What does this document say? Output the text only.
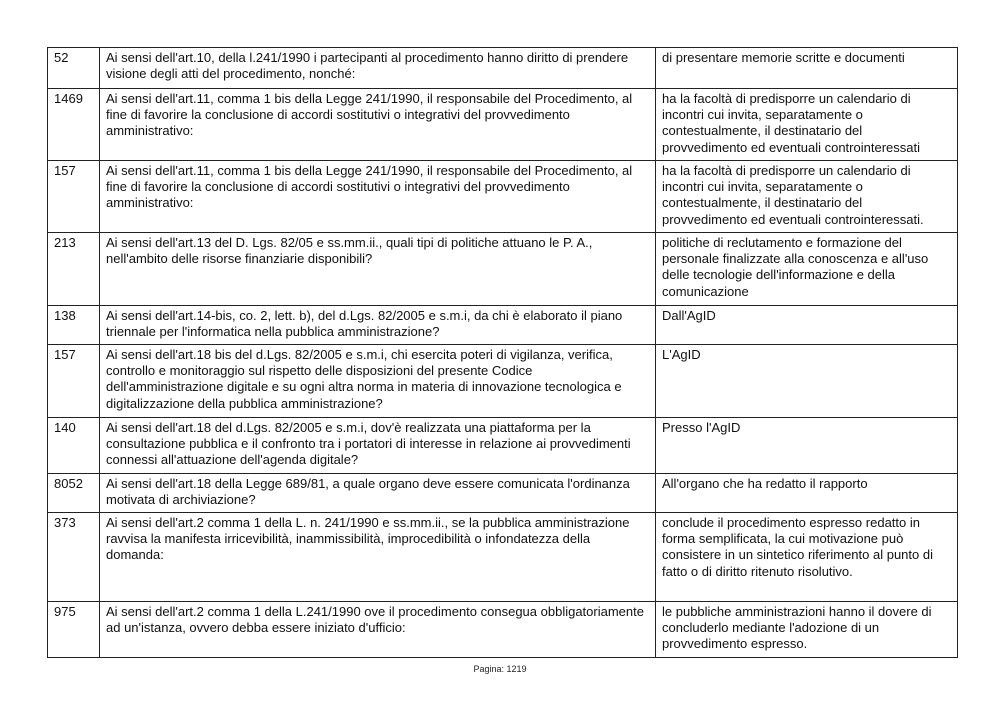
52	Ai sensi dell'art.10, della l.241/1990 i partecipanti al procedimento hanno diritto di prendere visione degli atti del procedimento, nonché:	di presentare memorie scritte e documenti
1469	Ai sensi dell'art.11, comma 1 bis della Legge 241/1990, il responsabile del Procedimento, al fine di favorire la conclusione di accordi sostitutivi o integrativi del provvedimento amministrativo:	ha la facoltà di predisporre un calendario di incontri cui invita, separatamente o contestualmente, il destinatario del provvedimento ed eventuali controinteressati
157	Ai sensi dell'art.11, comma 1 bis della Legge 241/1990, il responsabile del Procedimento, al fine di favorire la conclusione di accordi sostitutivi o integrativi del provvedimento amministrativo:	ha la facoltà di predisporre un calendario di incontri cui invita, separatamente o contestualmente, il destinatario del provvedimento ed eventuali controinteressati.
213	Ai sensi dell'art.13 del D. Lgs. 82/05 e ss.mm.ii., quali tipi di politiche attuano le P. A., nell'ambito delle risorse finanziarie disponibili?	politiche di reclutamento e formazione del personale finalizzate alla conoscenza e all'uso delle tecnologie dell'informazione e della comunicazione
138	Ai sensi dell'art.14-bis, co. 2, lett. b), del d.Lgs. 82/2005 e s.m.i, da chi è elaborato il piano triennale per l'informatica nella pubblica amministrazione?	Dall'AgID
157	Ai sensi dell'art.18 bis del d.Lgs. 82/2005 e s.m.i, chi esercita poteri di vigilanza, verifica, controllo e monitoraggio sul rispetto delle disposizioni del presente Codice dell'amministrazione digitale e su ogni altra norma in materia di innovazione tecnologica e digitalizzazione della pubblica amministrazione?	L'AgID
140	Ai sensi dell'art.18 del d.Lgs. 82/2005 e s.m.i, dov'è realizzata una piattaforma per la consultazione pubblica e il confronto tra i portatori di interesse in relazione ai provvedimenti connessi all'attuazione dell'agenda digitale?	Presso l'AgID
8052	Ai sensi dell'art.18 della Legge 689/81, a quale organo deve essere comunicata l'ordinanza motivata di archiviazione?	All'organo che ha redatto il rapporto
373	Ai sensi dell'art.2 comma 1 della L. n. 241/1990 e ss.mm.ii., se la pubblica amministrazione ravvisa la manifesta irricevibilità, inammissibilità, improcedibilità o infondatezza della domanda:	conclude il procedimento espresso redatto in forma semplificata, la cui motivazione può consistere in un sintetico riferimento al punto di fatto o di diritto ritenuto risolutivo.
975	Ai sensi dell'art.2 comma 1 della L.241/1990 ove il procedimento consegua obbligatoriamente ad un'istanza, ovvero debba essere iniziato d'ufficio:	le pubbliche amministrazioni hanno il dovere di concluderlo mediante l'adozione di un provvedimento espresso.
Pagina: 1219
